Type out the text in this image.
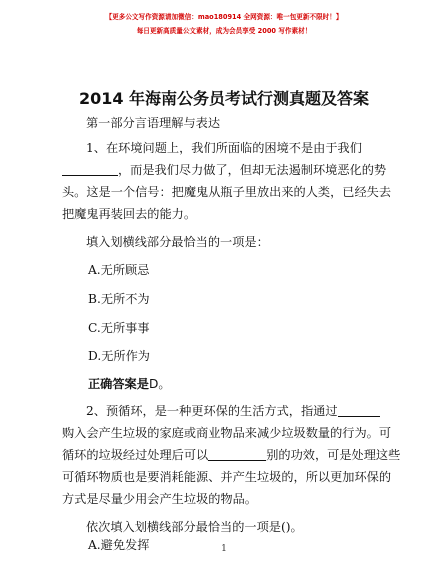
【更多公文写作资源请加微信：mao180914 全网资源：唯一包更新不限时！】
每日更新高质量公文素材，成为会员享受 2000 写作素材！
2014 年海南公务员考试行测真题及答案
第一部分言语理解与表达
1、在环境问题上，我们所面临的困境不是由于我们
，而是我们尽力做了，但却无法遏制环境恶化的势
头。这是一个信号：把魔鬼从瓶子里放出来的人类，已经失去
把魔鬼再装回去的能力。
填入划横线部分最恰当的一项是：
A.无所顾忌
B.无所不为
C.无所事事
D.无所作为
正确答案是D。
2、预循环，是一种更环保的生活方式，指通过
购入会产生垃圾的家庭或商业物品来减少垃圾数量的行为。可
循环的垃圾经过处理后可以	别的功效，可是处理这些
可循环物质也是要消耗能源、并产生垃圾的，所以更加环保的
方式是尽量少用会产生垃圾的物品。
依次填入划横线部分最恰当的一项是()。
A.避免发挥	1
